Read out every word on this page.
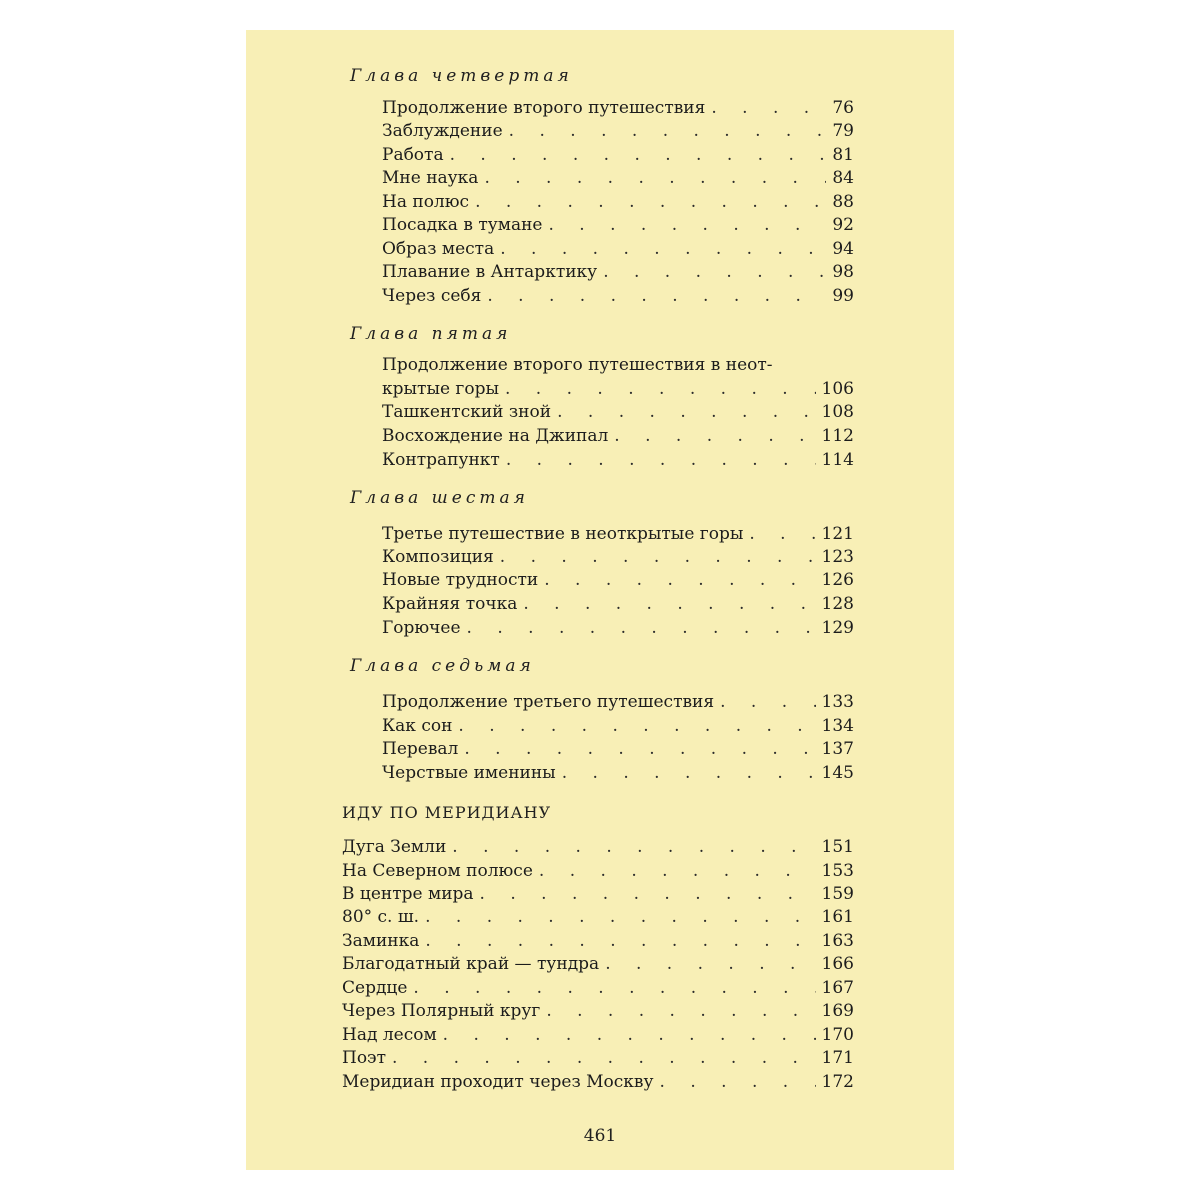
Глава четвертая
Продолжение второго путешествия . . .	76
Заблуждение . . .	79
Работа . . .	81
Мне наука . . .	84
На полюс . . .	88
Посадка в тумане . . .	92
Образ места . . .	94
Плавание в Антарктику . . .	98
Через себя . . .	99
Глава пятая
Продолжение второго путешествия в неот-
крытые горы . . .	106
Ташкентский зной . . .	108
Восхождение на Джипал . . .	112
Контрапункт . . .	114
Глава шестая
Третье путешествие в неоткрытые горы . . .	121
Композиция . . .	123
Новые трудности . . .	126
Крайняя точка . . .	128
Горючее . . .	129
Глава седьмая
Продолжение третьего путешествия . . .	133
Как сон . . .	134
Перевал . . .	137
Черствые именины . . .	145
ИДУ ПО МЕРИДИАНУ
Дуга Земли . . .	151
На Северном полюсе . . .	153
В центре мира . . .	159
80° с. ш. . . .	161
Заминка . . .	163
Благодатный край — тундра . . .	166
Сердце . . .	167
Через Полярный круг . . .	169
Над лесом . . .	170
Поэт . . .	171
Меридиан проходит через Москву . . .	172
461
